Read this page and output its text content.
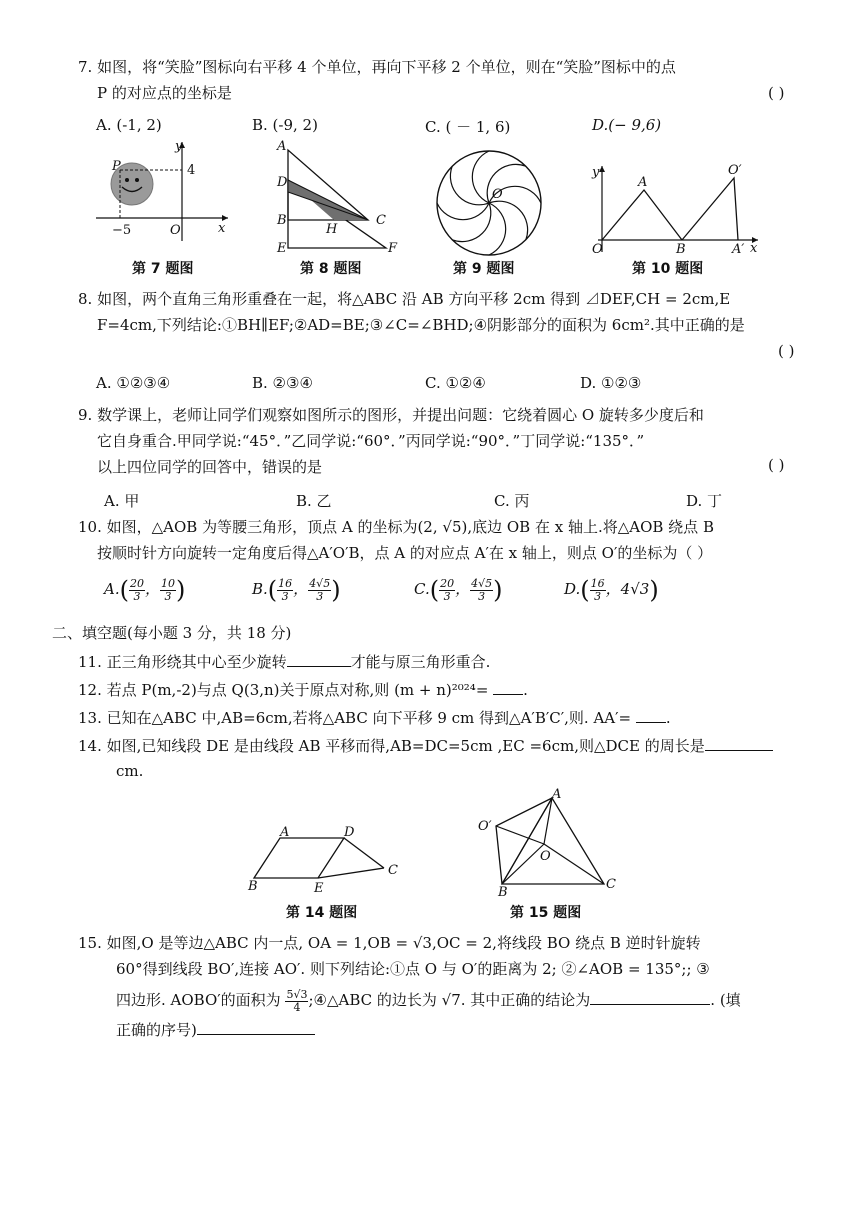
7. 如图，将“笑脸”图标向右平移 4 个单位，再向下平移 2 个单位，则在“笑脸”图标中的点
P 的对应点的坐标是	( )
A. (-1, 2)	B. (-9, 2)	C. ( － 1, 6)	D.(− 9,6)
P
y
4
−5	O	x
A
D
B	C
H
E	F
O
y
A
O′
O	B	A′ x
第 7 题图	第 8 题图	第 9 题图	第 10 题图
8. 如图，两个直角三角形重叠在一起，将△ABC 沿 AB 方向平移 2cm 得到 ⊿DEF,CH = 2cm,E
F=4cm,下列结论:①BH∥EF;②AD=BE;③∠C=∠BHD;④阴影部分的面积为 6cm².其中正确的是
( )
A. ①②③④	B. ②③④	C. ①②④	D. ①②③
9. 数学课上，老师让同学们观察如图所示的图形，并提出问题：它绕着圆心 O 旋转多少度后和
它自身重合.甲同学说:“45°．”乙同学说:“60°．”丙同学说:“90°．”丁同学说:“135°．”
以上四位同学的回答中，错误的是	( )
A. 甲	B. 乙	C. 丙	D. 丁
10. 如图，△AOB 为等腰三角形，顶点 A 的坐标为(2, √5),底边 OB 在 x 轴上.将△AOB 绕点 B
按顺时针方向旋转一定角度后得△A′O′B，点 A 的对应点 A′在 x 轴上，则点 O′的坐标为（ ）
$A.( \frac{20}{3}$ ， $\frac{10}{3}$ )	$B.( \frac{16}{3}$ ， $\frac{4√5}{3}$ )	$C.( \frac{20}{3}$ ， $\frac{4√5}{3}$ )	$D.( \frac{16}{3}$ ，4√3)
二、填空题(每小题 3 分，共 18 分)
11. 正三角形绕其中心至少旋转	才能与原三角形重合.
12. 若点 P(m,-2)与点 Q(3,n)关于原点对称,则 (m + n)²⁰²⁴= .
13. 已知在△ABC 中,AB=6cm,若将△ABC 向下平移 9 cm 得到△A′B′C′,则. AA′= .
14. 如图,已知线段 DE 是由线段 AB 平移而得,AB=DC=5cm ,EC =6cm,则△DCE 的周长是
cm.
A	D
B	E
C
A
O′
O
B
C
第 14 题图	第 15 题图
15. 如图,O 是等边△ABC 内一点, OA = 1,OB = √3,OC = 2,将线段 BO 绕点 B 逆时针旋转
60°得到线段 BO′,连接 AO′. 则下列结论:①点 O 与 O′的距离为 2; ②∠AOB = 135°;; ③
四边形. AOBO′的面积为 $\frac{5√3}{4}$ ;④△ABC 的边长为 √7. 其中正确的结论为	. (填
正确的序号)
